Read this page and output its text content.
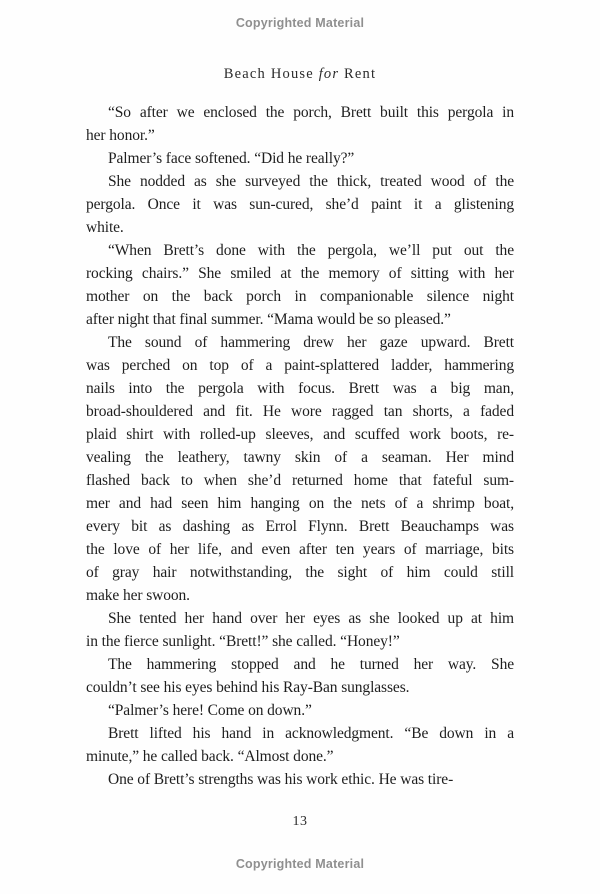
Copyrighted Material
Beach House for Rent
“So after we enclosed the porch, Brett built this pergola in
her honor.”
Palmer’s face softened. “Did he really?”
She nodded as she surveyed the thick, treated wood of the
pergola. Once it was sun-cured, she’d paint it a glistening
white.
“When Brett’s done with the pergola, we’ll put out the
rocking chairs.” She smiled at the memory of sitting with her
mother on the back porch in companionable silence night
after night that final summer. “Mama would be so pleased.”
The sound of hammering drew her gaze upward. Brett
was perched on top of a paint-splattered ladder, hammering
nails into the pergola with focus. Brett was a big man,
broad-shouldered and fit. He wore ragged tan shorts, a faded
plaid shirt with rolled-up sleeves, and scuffed work boots, re-
vealing the leathery, tawny skin of a seaman. Her mind
flashed back to when she’d returned home that fateful sum-
mer and had seen him hanging on the nets of a shrimp boat,
every bit as dashing as Errol Flynn. Brett Beauchamps was
the love of her life, and even after ten years of marriage, bits
of gray hair notwithstanding, the sight of him could still
make her swoon.
She tented her hand over her eyes as she looked up at him
in the fierce sunlight. “Brett!” she called. “Honey!”
The hammering stopped and he turned her way. She
couldn’t see his eyes behind his Ray-Ban sunglasses.
“Palmer’s here! Come on down.”
Brett lifted his hand in acknowledgment. “Be down in a
minute,” he called back. “Almost done.”
One of Brett’s strengths was his work ethic. He was tire-
13
Copyrighted Material
